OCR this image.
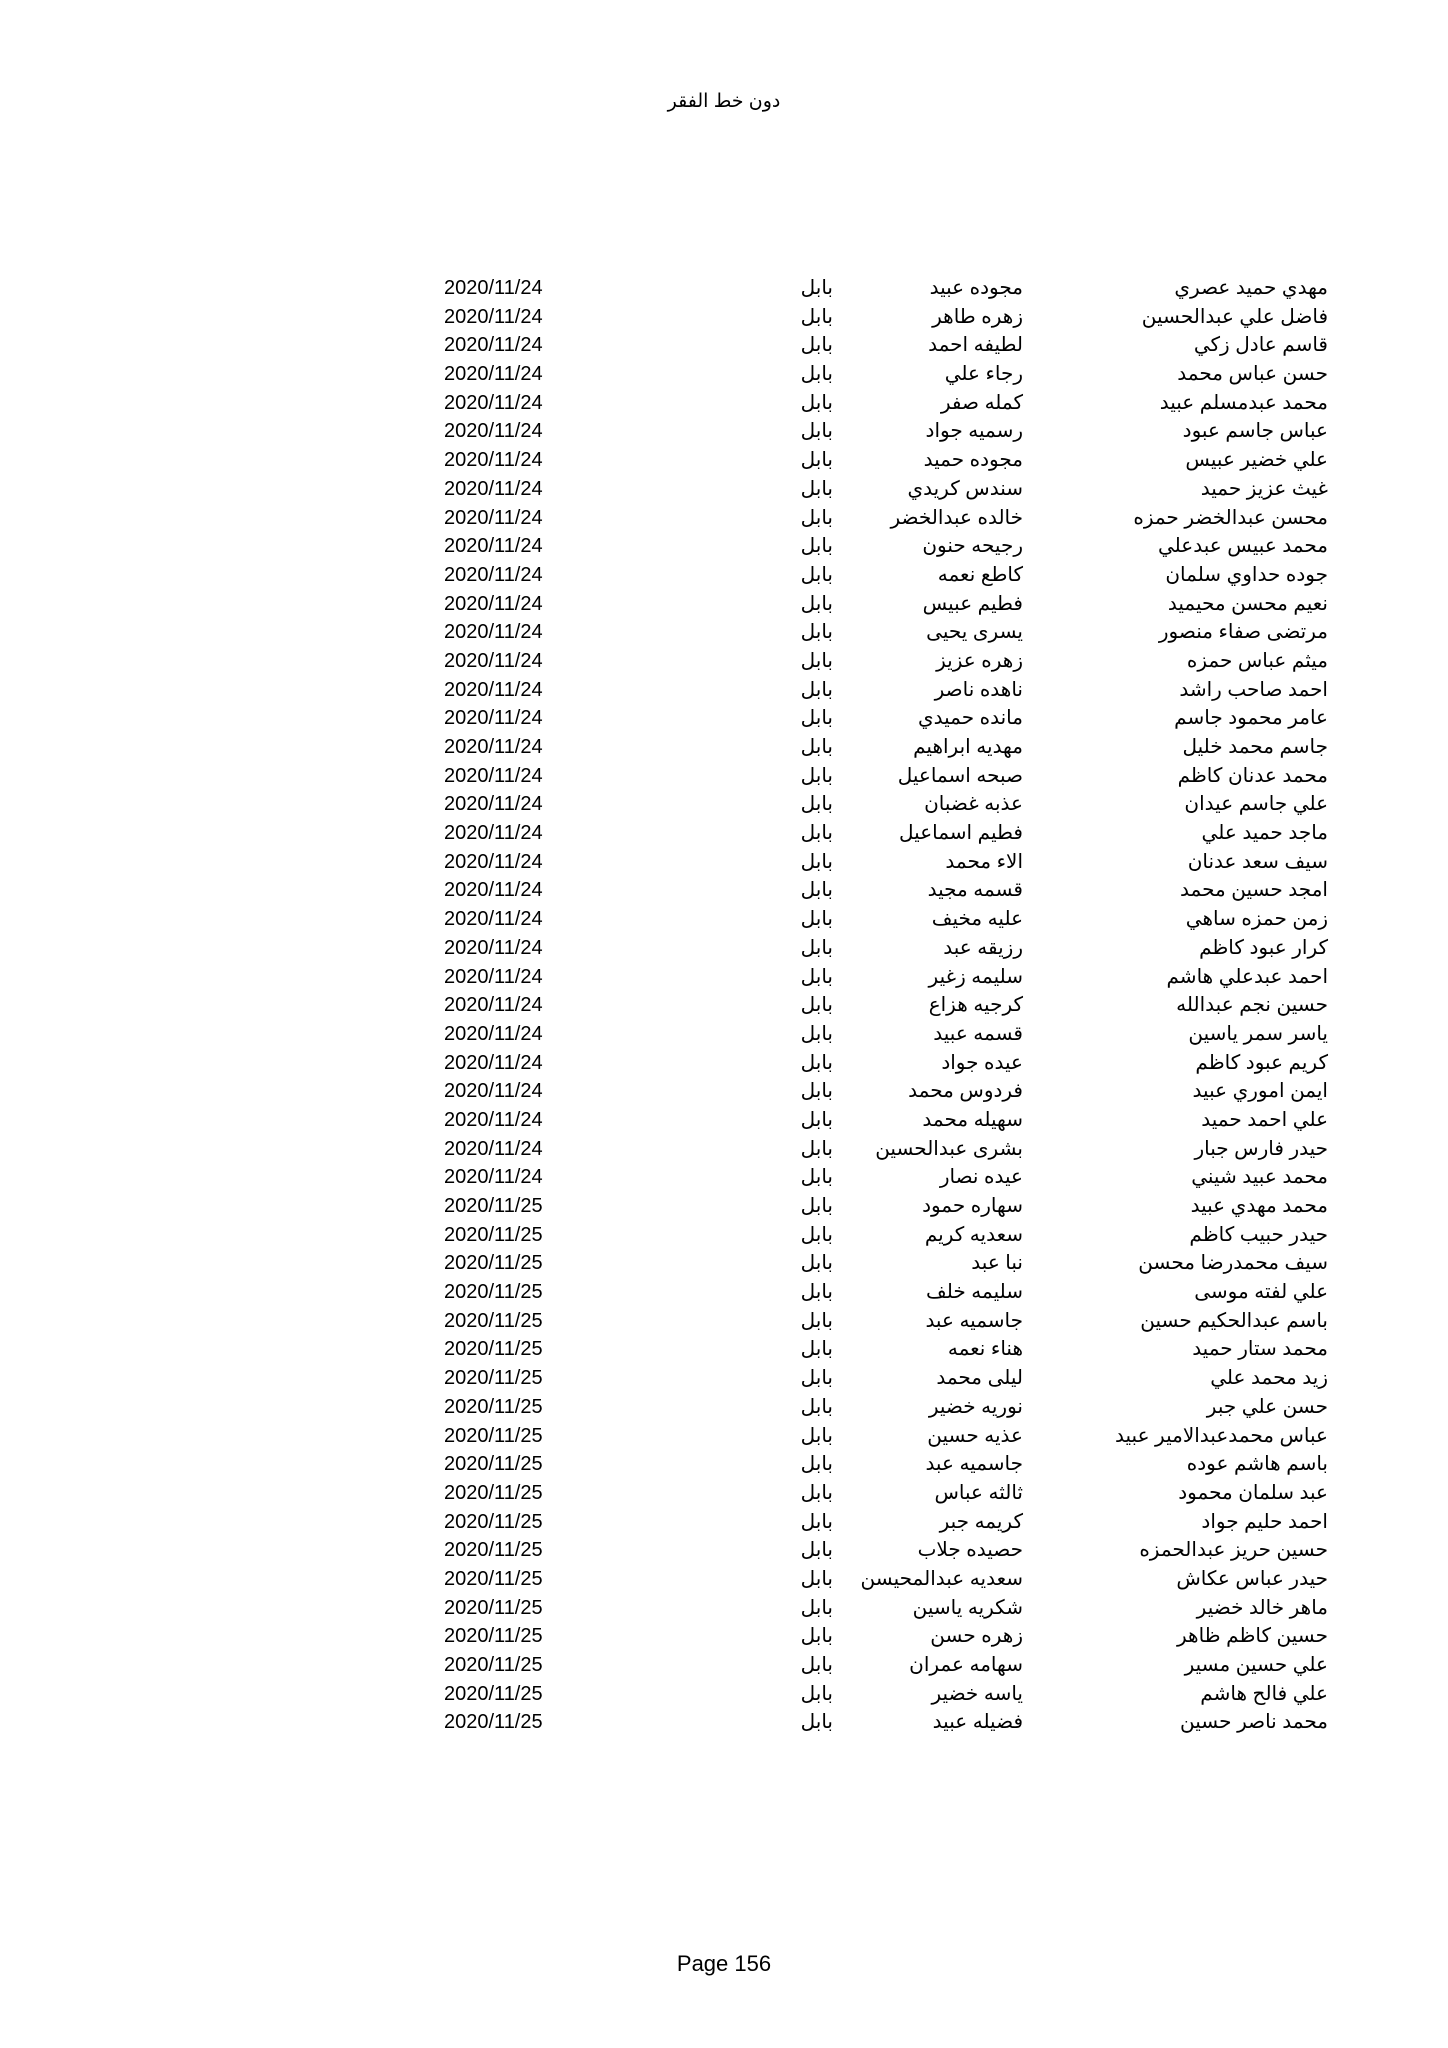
دون خط الفقر
مهدي حميد عصري
مجوده عبيد
بابل
2020/11/24
فاضل علي عبدالحسين
زهره طاهر
بابل
2020/11/24
قاسم عادل زكي
لطيفه احمد
بابل
2020/11/24
حسن عباس محمد
رجاء علي
بابل
2020/11/24
محمد عبدمسلم عبيد
كمله صفر
بابل
2020/11/24
عباس جاسم عبود
رسميه جواد
بابل
2020/11/24
علي خضير عبيس
مجوده حميد
بابل
2020/11/24
غيث عزيز حميد
سندس كريدي
بابل
2020/11/24
محسن عبدالخضر حمزه
خالده عبدالخضر
بابل
2020/11/24
محمد عبيس عبدعلي
رجيحه حنون
بابل
2020/11/24
جوده حداوي سلمان
كاطع نعمه
بابل
2020/11/24
نعيم محسن محيميد
فطيم عبيس
بابل
2020/11/24
مرتضى صفاء منصور
يسرى يحيى
بابل
2020/11/24
ميثم عباس حمزه
زهره عزيز
بابل
2020/11/24
احمد صاحب راشد
ناهده ناصر
بابل
2020/11/24
عامر محمود جاسم
مانده حميدي
بابل
2020/11/24
جاسم محمد خليل
مهديه ابراهيم
بابل
2020/11/24
محمد عدنان كاظم
صبحه اسماعيل
بابل
2020/11/24
علي جاسم عيدان
عذبه غضبان
بابل
2020/11/24
ماجد حميد علي
فطيم اسماعيل
بابل
2020/11/24
سيف سعد عدنان
الاء محمد
بابل
2020/11/24
امجد حسين محمد
قسمه مجيد
بابل
2020/11/24
زمن حمزه ساهي
عليه مخيف
بابل
2020/11/24
كرار عبود كاظم
رزيقه عبد
بابل
2020/11/24
احمد عبدعلي هاشم
سليمه زغير
بابل
2020/11/24
حسين نجم عبدالله
كرجيه هزاع
بابل
2020/11/24
ياسر سمر ياسين
قسمه عبيد
بابل
2020/11/24
كريم عبود كاظم
عيده جواد
بابل
2020/11/24
ايمن اموري عبيد
فردوس محمد
بابل
2020/11/24
علي احمد حميد
سهيله محمد
بابل
2020/11/24
حيدر فارس جبار
بشرى عبدالحسين
بابل
2020/11/24
محمد عبيد شيني
عيده نصار
بابل
2020/11/24
محمد مهدي عبيد
سهاره حمود
بابل
2020/11/25
حيدر حبيب كاظم
سعديه كريم
بابل
2020/11/25
سيف محمدرضا محسن
نبا عبد
بابل
2020/11/25
علي لفته موسى
سليمه خلف
بابل
2020/11/25
باسم عبدالحكيم حسين
جاسميه عبد
بابل
2020/11/25
محمد ستار حميد
هناء نعمه
بابل
2020/11/25
زيد محمد علي
ليلى محمد
بابل
2020/11/25
حسن علي جبر
نوريه خضير
بابل
2020/11/25
عباس محمدعبدالامير عبيد
عذيه حسين
بابل
2020/11/25
باسم هاشم عوده
جاسميه عبد
بابل
2020/11/25
عبد سلمان محمود
ثالثه عباس
بابل
2020/11/25
احمد حليم جواد
كريمه جبر
بابل
2020/11/25
حسين حريز عبدالحمزه
حصيده جلاب
بابل
2020/11/25
حيدر عباس عكاش
سعديه عبدالمحيسن
بابل
2020/11/25
ماهر خالد خضير
شكريه ياسين
بابل
2020/11/25
حسين كاظم ظاهر
زهره حسن
بابل
2020/11/25
علي حسين مسير
سهامه عمران
بابل
2020/11/25
علي فالح هاشم
ياسه خضير
بابل
2020/11/25
محمد ناصر حسين
فضيله عبيد
بابل
2020/11/25
Page 156
